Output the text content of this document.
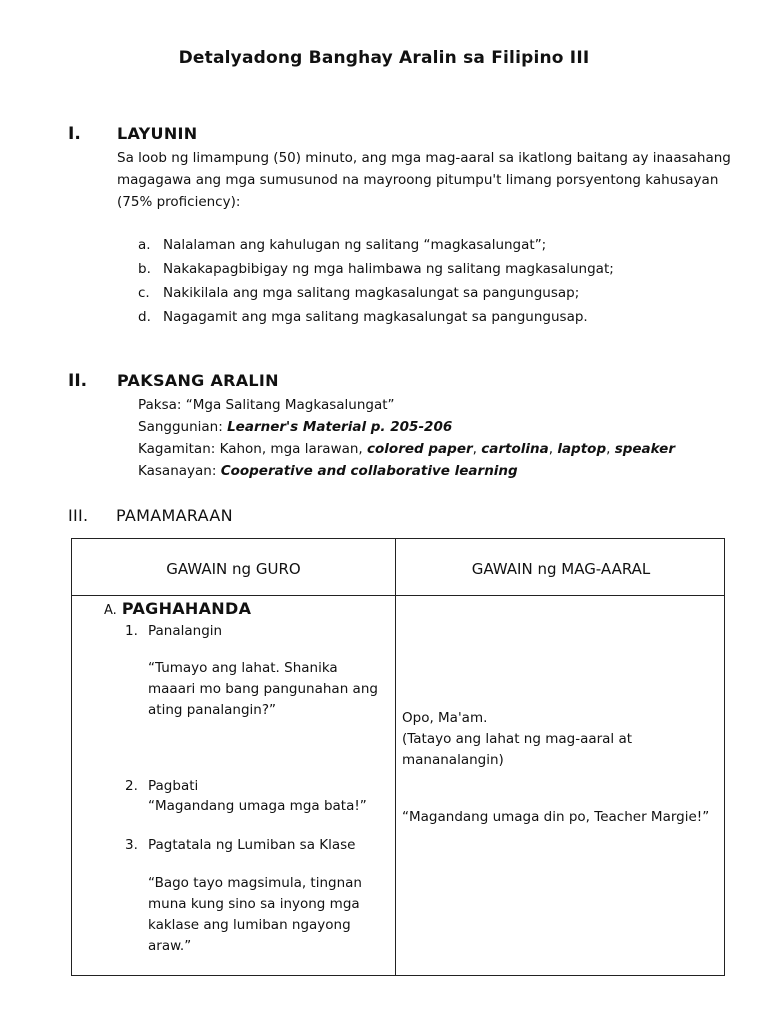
Detalyadong Banghay Aralin sa Filipino III
I. LAYUNIN
Sa loob ng limampung (50) minuto, ang mga mag-aaral sa ikatlong baitang ay inaasahang magagawa ang mga sumusunod na mayroong pitumpu't limang porsyentong kahusayan (75% proficiency):
a. Nalalaman ang kahulugan ng salitang “magkasalungat”;
b. Nakakapagbibigay ng mga halimbawa ng salitang magkasalungat;
c. Nakikilala ang mga salitang magkasalungat sa pangungusap;
d. Nagagamit ang mga salitang magkasalungat sa pangungusap.
II. PAKSANG ARALIN
Paksa: “Mga Salitang Magkasalungat”
Sanggunian: Learner's Material p. 205-206
Kagamitan: Kahon, mga larawan, colored paper, cartolina, laptop, speaker
Kasanayan: Cooperative and collaborative learning
III. PAMAMARAAN
GAWAIN ng GURO	GAWAIN ng MAG-AARAL
A. PAGHAHANDA
1. Panalangin
“Tumayo ang lahat. Shanika maaari mo bang pangunahan ang ating panalangin?”
2. Pagbati
“Magandang umaga mga bata!”
3. Pagtatala ng Lumiban sa Klase
“Bago tayo magsimula, tingnan muna kung sino sa inyong mga kaklase ang lumiban ngayong araw.”
Opo, Ma'am.
(Tatayo ang lahat ng mag-aaral at mananalangin)
“Magandang umaga din po, Teacher Margie!”
